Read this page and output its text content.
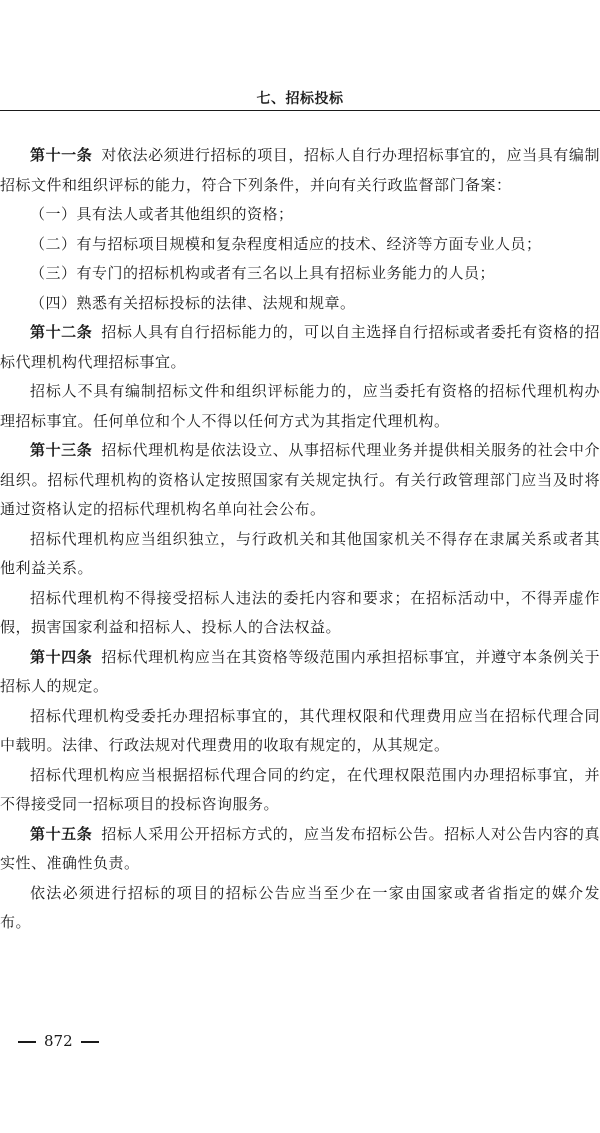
七、招标投标

第十一条 对依法必须进行招标的项目，招标人自行办理招标事宜的，应当具有编制招标文件和组织评标的能力，符合下列条件，并向有关行政监督部门备案：

（一）具有法人或者其他组织的资格；

（二）有与招标项目规模和复杂程度相适应的技术、经济等方面专业人员；

（三）有专门的招标机构或者有三名以上具有招标业务能力的人员；

（四）熟悉有关招标投标的法律、法规和规章。

第十二条 招标人具有自行招标能力的，可以自主选择自行招标或者委托有资格的招标代理机构代理招标事宜。

招标人不具有编制招标文件和组织评标能力的，应当委托有资格的招标代理机构办理招标事宜。任何单位和个人不得以任何方式为其指定代理机构。

第十三条 招标代理机构是依法设立、从事招标代理业务并提供相关服务的社会中介组织。招标代理机构的资格认定按照国家有关规定执行。有关行政管理部门应当及时将通过资格认定的招标代理机构名单向社会公布。

招标代理机构应当组织独立，与行政机关和其他国家机关不得存在隶属关系或者其他利益关系。

招标代理机构不得接受招标人违法的委托内容和要求；在招标活动中，不得弄虚作假，损害国家利益和招标人、投标人的合法权益。

第十四条 招标代理机构应当在其资格等级范围内承担招标事宜，并遵守本条例关于招标人的规定。

招标代理机构受委托办理招标事宜的，其代理权限和代理费用应当在招标代理合同中载明。法律、行政法规对代理费用的收取有规定的，从其规定。

招标代理机构应当根据招标代理合同的约定，在代理权限范围内办理招标事宜，并不得接受同一招标项目的投标咨询服务。

第十五条 招标人采用公开招标方式的，应当发布招标公告。招标人对公告内容的真实性、准确性负责。

依法必须进行招标的项目的招标公告应当至少在一家由国家或者省指定的媒介发布。

872
